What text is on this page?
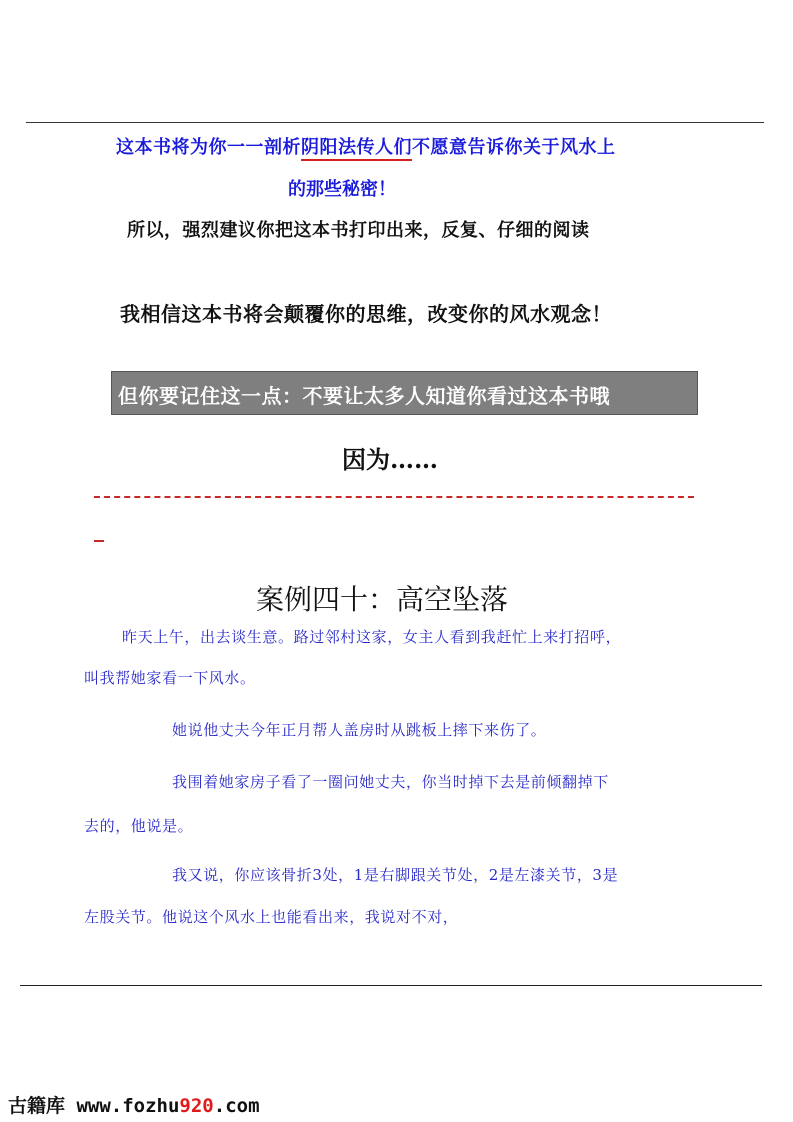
这本书将为你一一剖析阴阳法传人们不愿意告诉你关于风水上
的那些秘密！
所以，强烈建议你把这本书打印出来，反复、仔细的阅读
我相信这本书将会颠覆你的思维，改变你的风水观念！
但你要记住这一点：不要让太多人知道你看过这本书哦
因为……
案例四十：高空坠落
昨天上午，出去谈生意。路过邻村这家，女主人看到我赶忙上来打招呼，
叫我帮她家看一下风水。
她说他丈夫今年正月帮人盖房时从跳板上摔下来伤了。
我围着她家房子看了一圈问她丈夫，你当时掉下去是前倾翻掉下
去的，他说是。
我又说，你应该骨折3处，1是右脚跟关节处，2是左漆关节，3是
左股关节。他说这个风水上也能看出来，我说对不对，
古籍库 www.fozhu920.com
